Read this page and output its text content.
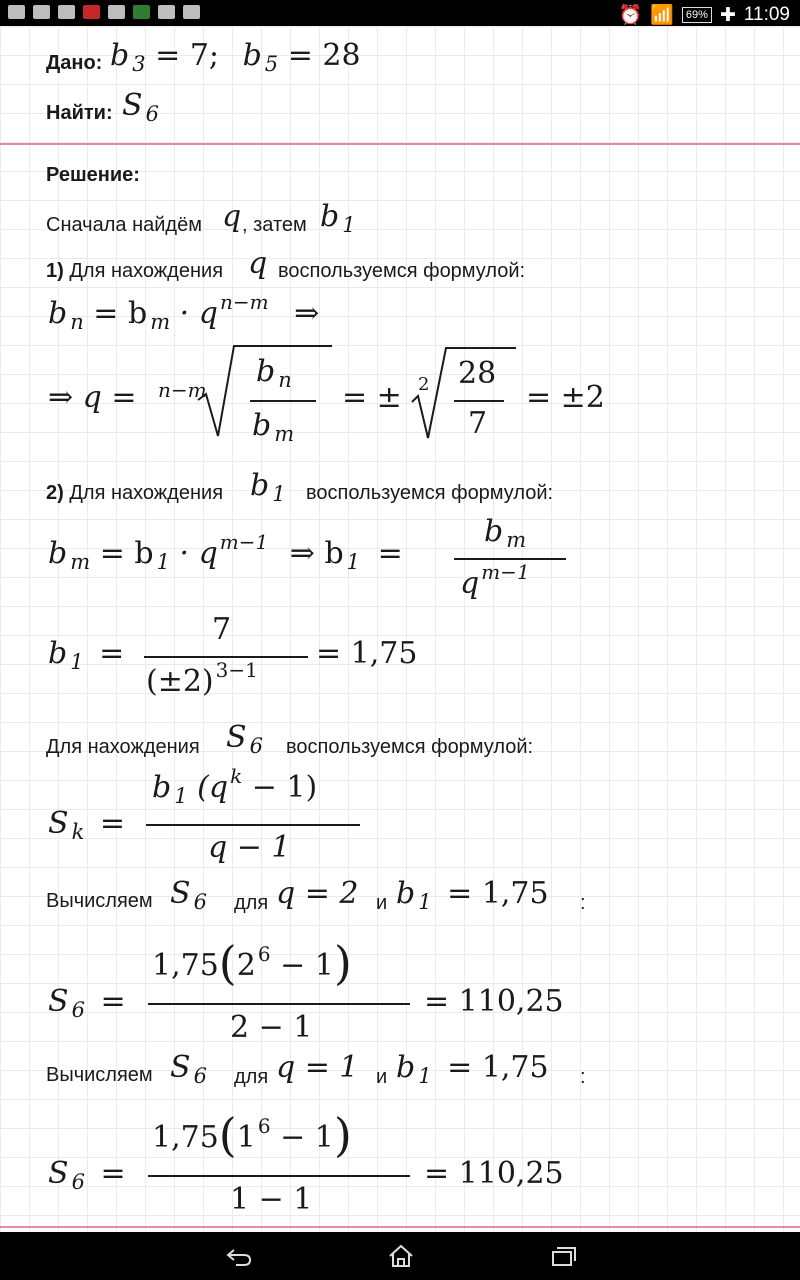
⏰ 📶	69% ✚ 11:09
Дано: b $_3$ = 7; b $_5$ = 28
Найти: S $_6$
Решение:
Сначала найдём q , затем b $_1$
1) Для нахождения q воспользуемся формулой:
b $_n$ = b $_m$ · q $^{n-m}$ ⇒
⇒ q = n−m
b $_n$
b $_m$
= ± 2 28
7
= ±2
2) Для нахождения b $_1$ воспользуемся формулой:
b $_m$ = b $_1$ · q $^{m-1}$ ⇒ b $_1$ =
b $_m$
q $^{m-1}$
b $_1$ =
7
(±2) $^{3-1}$ = 1,75
Для нахождения S $_6$ воспользуемся формулой:
S $_k$ =
b $_1$ (q $^k$ − 1)
q − 1
Вычисляем S $_6$ для q = 2 и b $_1$ = 1,75 :
S $_6$ =
1,75(2 $^6$ − 1)
2 − 1
= 110,25
Вычисляем S $_6$ для q = 1 и b $_1$ = 1,75 :
S $_6$ =
1,75(1 $^6$ − 1)
1 − 1
= 110,25
